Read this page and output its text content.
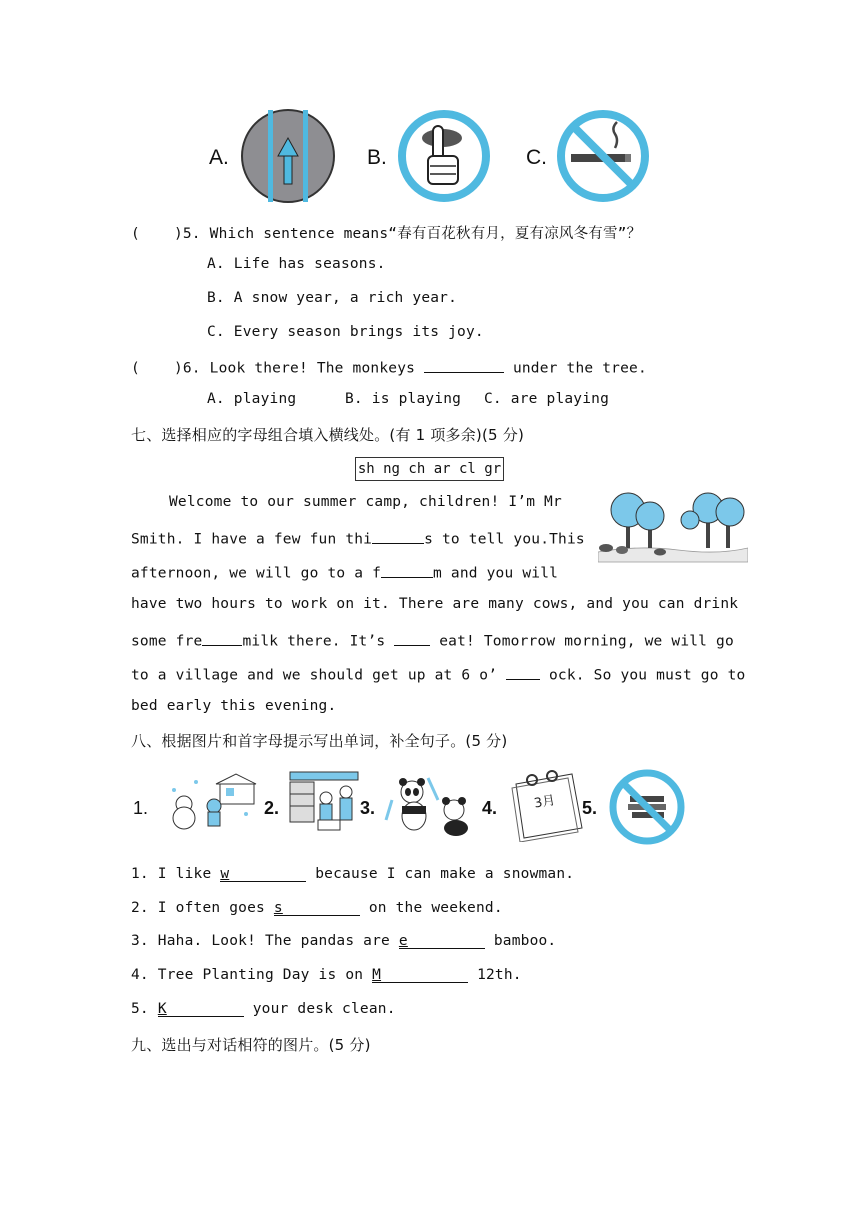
A.	B.	C.
( )5. Which sentence means“春有百花秋有月，夏有凉风冬有雪”？
A. Life has seasons.
B. A snow year, a rich year.
C. Every season brings its joy.
( )6. Look there! The monkeys	under the tree.
A. playing	B. is playing C. are playing
七、选择相应的字母组合填入横线处。(有 1 项多余)(5 分)
sh ng ch ar cl gr
Welcome to our summer camp, children! I’m Mr
Smith. I have a few fun thi	s to tell you.This
afternoon, we will go to a f	m and you will
have two hours to work on it. There are many cows, and you can drink
some fre	milk there. It’s	eat! Tomorrow morning, we will go
to a village and we should get up at 6 o’	ock. So you must go to
bed early this evening.
八、根据图片和首字母提示写出单词，补全句子。(5 分)
1.	2.	3.	4.	3月 5.
1. I like w	because I can make a snowman.
2. I often goes s	on the weekend.
3. Haha. Look! The pandas are e	bamboo.
4. Tree Planting Day is on M	12th.
5. K	your desk clean.
九、选出与对话相符的图片。(5 分)
